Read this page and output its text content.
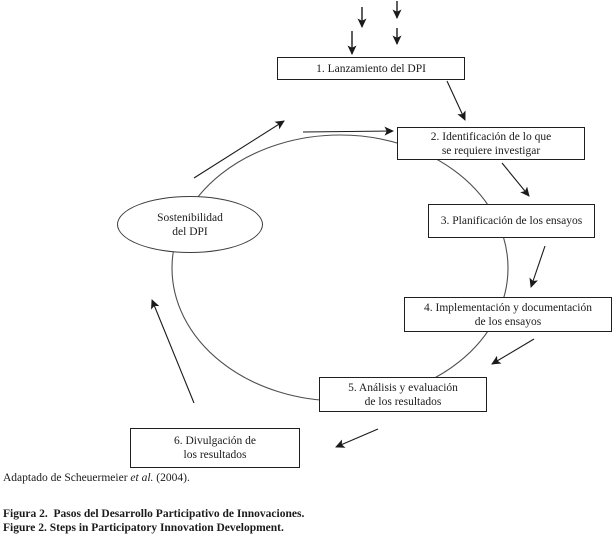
1. Lanzamiento del DPI
2. Identificación de lo que
se requiere investigar
3. Planificación de los ensayos
4. Implementación y documentación
de los ensayos
5. Análisis y evaluación
de los resultados
6. Divulgación de
los resultados
Sostenibilidad
del DPI
Adaptado de Scheuermeier et al. (2004).
Figura 2.  Pasos del Desarrollo Participativo de Innovaciones.
Figure 2. Steps in Participatory Innovation Development.
